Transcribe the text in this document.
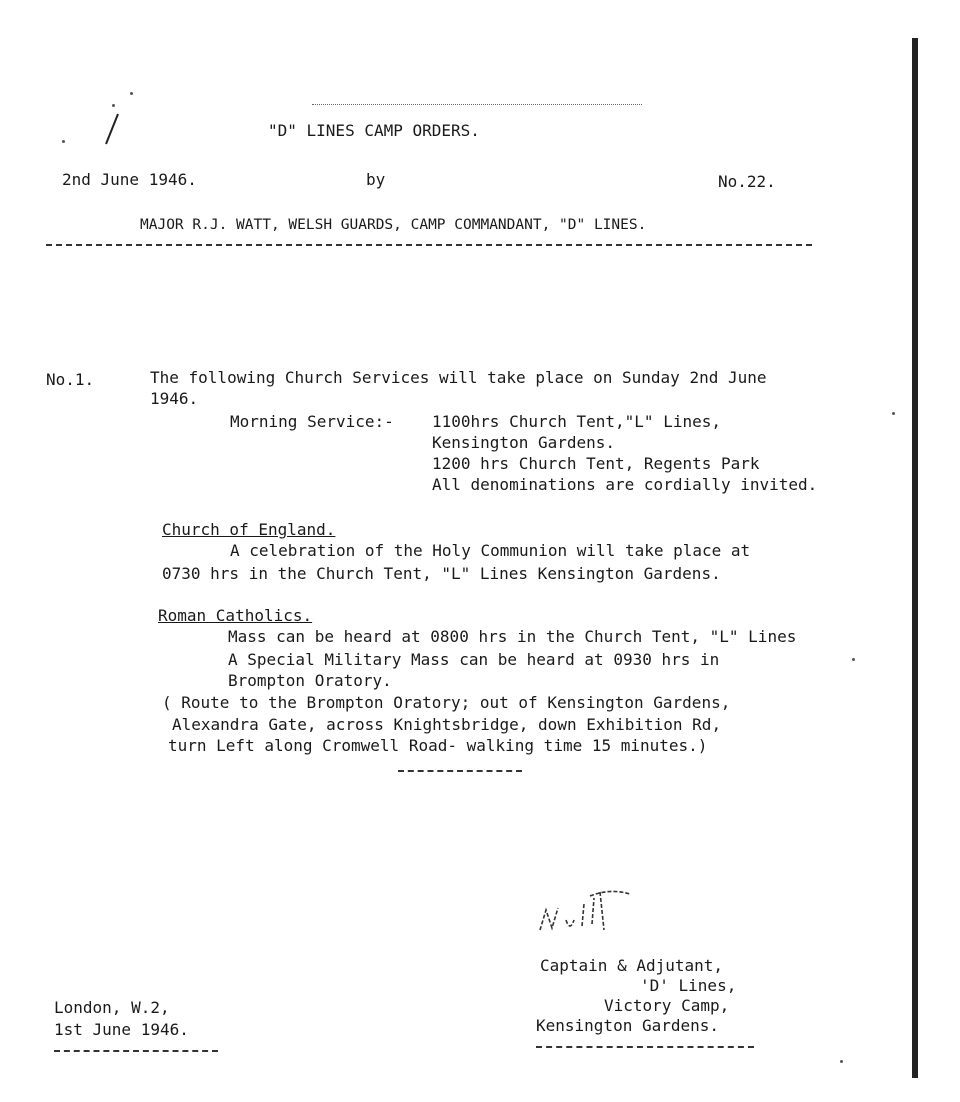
"D" LINES CAMP ORDERS.
2nd June 1946.	by	No.22.
MAJOR R.J. WATT, WELSH GUARDS, CAMP COMMANDANT, "D" LINES.
No.1.	The following Church Services will take place on Sunday 2nd June
1946.
Morning Service:- 1100hrs Church Tent,"L" Lines,
Kensington Gardens.
1200 hrs Church Tent, Regents Park
All denominations are cordially invited.
Church of England.
A celebration of the Holy Communion will take place at
0730 hrs in the Church Tent, "L" Lines Kensington Gardens.
Roman Catholics.
Mass can be heard at 0800 hrs in the Church Tent, "L" Lines
A Special Military Mass can be heard at 0930 hrs in
Brompton Oratory.
( Route to the Brompton Oratory; out of Kensington Gardens,
Alexandra Gate, across Knightsbridge, down Exhibition Rd,
turn Left along Cromwell Road- walking time 15 minutes.)
Captain & Adjutant,
'D' Lines,
Victory Camp,
Kensington Gardens.
London, W.2,
1st June 1946.
